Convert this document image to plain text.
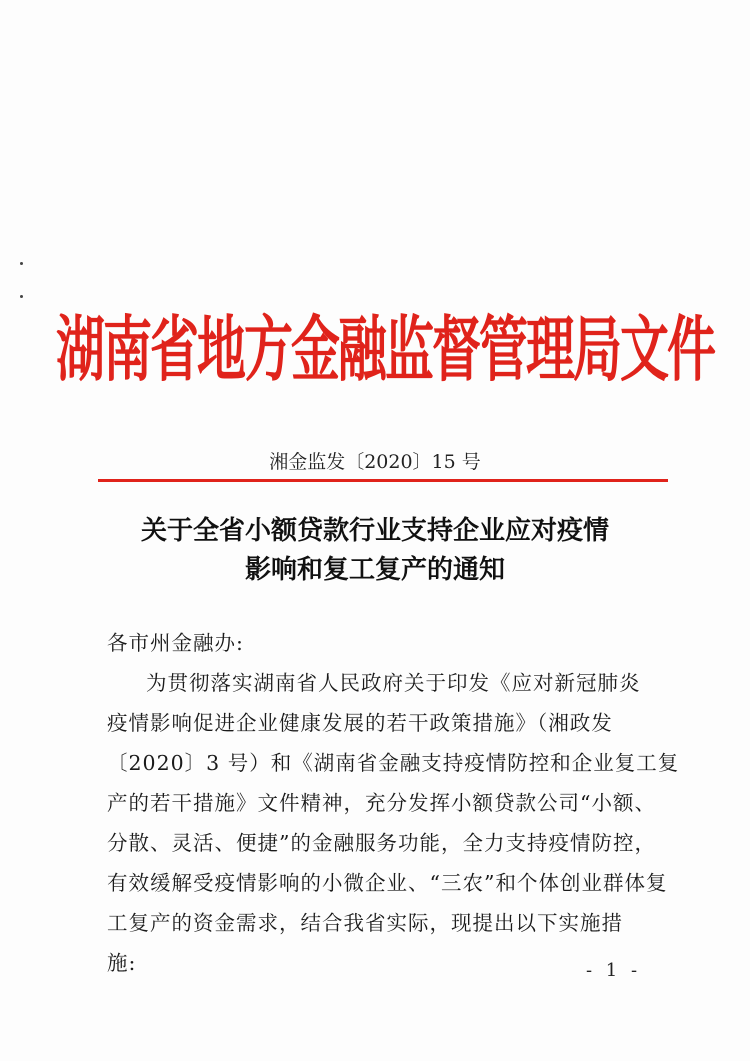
湖南省地方金融监督管理局文件
湘金监发〔2020〕15 号
关于全省小额贷款行业支持企业应对疫情
影响和复工复产的通知
各市州金融办:
为贯彻落实湖南省人民政府关于印发《应对新冠肺炎
疫情影响促进企业健康发展的若干政策措施》（湘政发
〔2020〕3 号）和《湖南省金融支持疫情防控和企业复工复
产的若干措施》文件精神，充分发挥小额贷款公司“小额、
分散、灵活、便捷”的金融服务功能，全力支持疫情防控，
有效缓解受疫情影响的小微企业、“三农”和个体创业群体复
工复产的资金需求，结合我省实际，现提出以下实施措
施:	- 1 -
